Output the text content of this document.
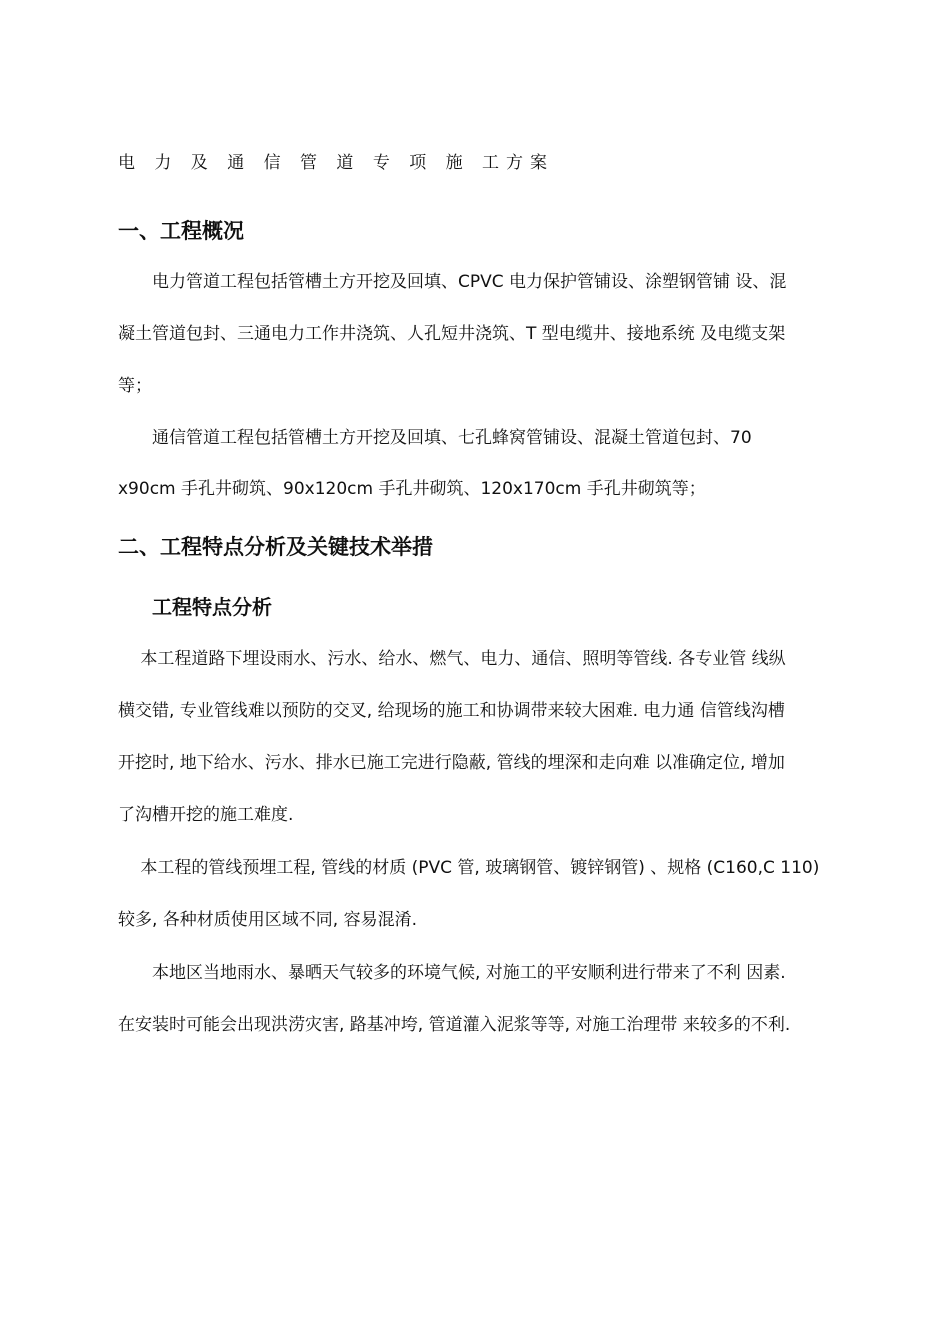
电 力 及 通 信 管 道 专 项 施 工方案
一、工程概况
　　电力管道工程包括管槽土方开挖及回填、CPVC 电力保护管铺设、涂塑钢管铺 设、混
凝土管道包封、三通电力工作井浇筑、人孔短井浇筑、T 型电缆井、接地系统 及电缆支架
等；
　　通信管道工程包括管槽土方开挖及回填、七孔蜂窝管铺设、混凝土管道包封、70
x90cm 手孔井砌筑、90x120cm 手孔井砌筑、120x170cm 手孔井砌筑等；
二、工程特点分析及关键技术举措
工程特点分析
　 本工程道路下埋设雨水、污水、给水、燃气、电力、通信、照明等管线. 各专业管 线纵
横交错, 专业管线难以预防的交叉, 给现场的施工和协调带来较大困难. 电力通 信管线沟槽
开挖时, 地下给水、污水、排水已施工完进行隐蔽, 管线的埋深和走向难 以准确定位, 增加
了沟槽开挖的施工难度.
　 本工程的管线预埋工程, 管线的材质 (PVC 管, 玻璃钢管、镀锌钢管) 、规格 (C160,C 110)
较多, 各种材质使用区域不同, 容易混淆.
　　本地区当地雨水、暴晒天气较多的环境气候, 对施工的平安顺利进行带来了不利 因素.
在安装时可能会出现洪涝灾害, 路基冲垮, 管道灌入泥浆等等, 对施工治理带 来较多的不利.
